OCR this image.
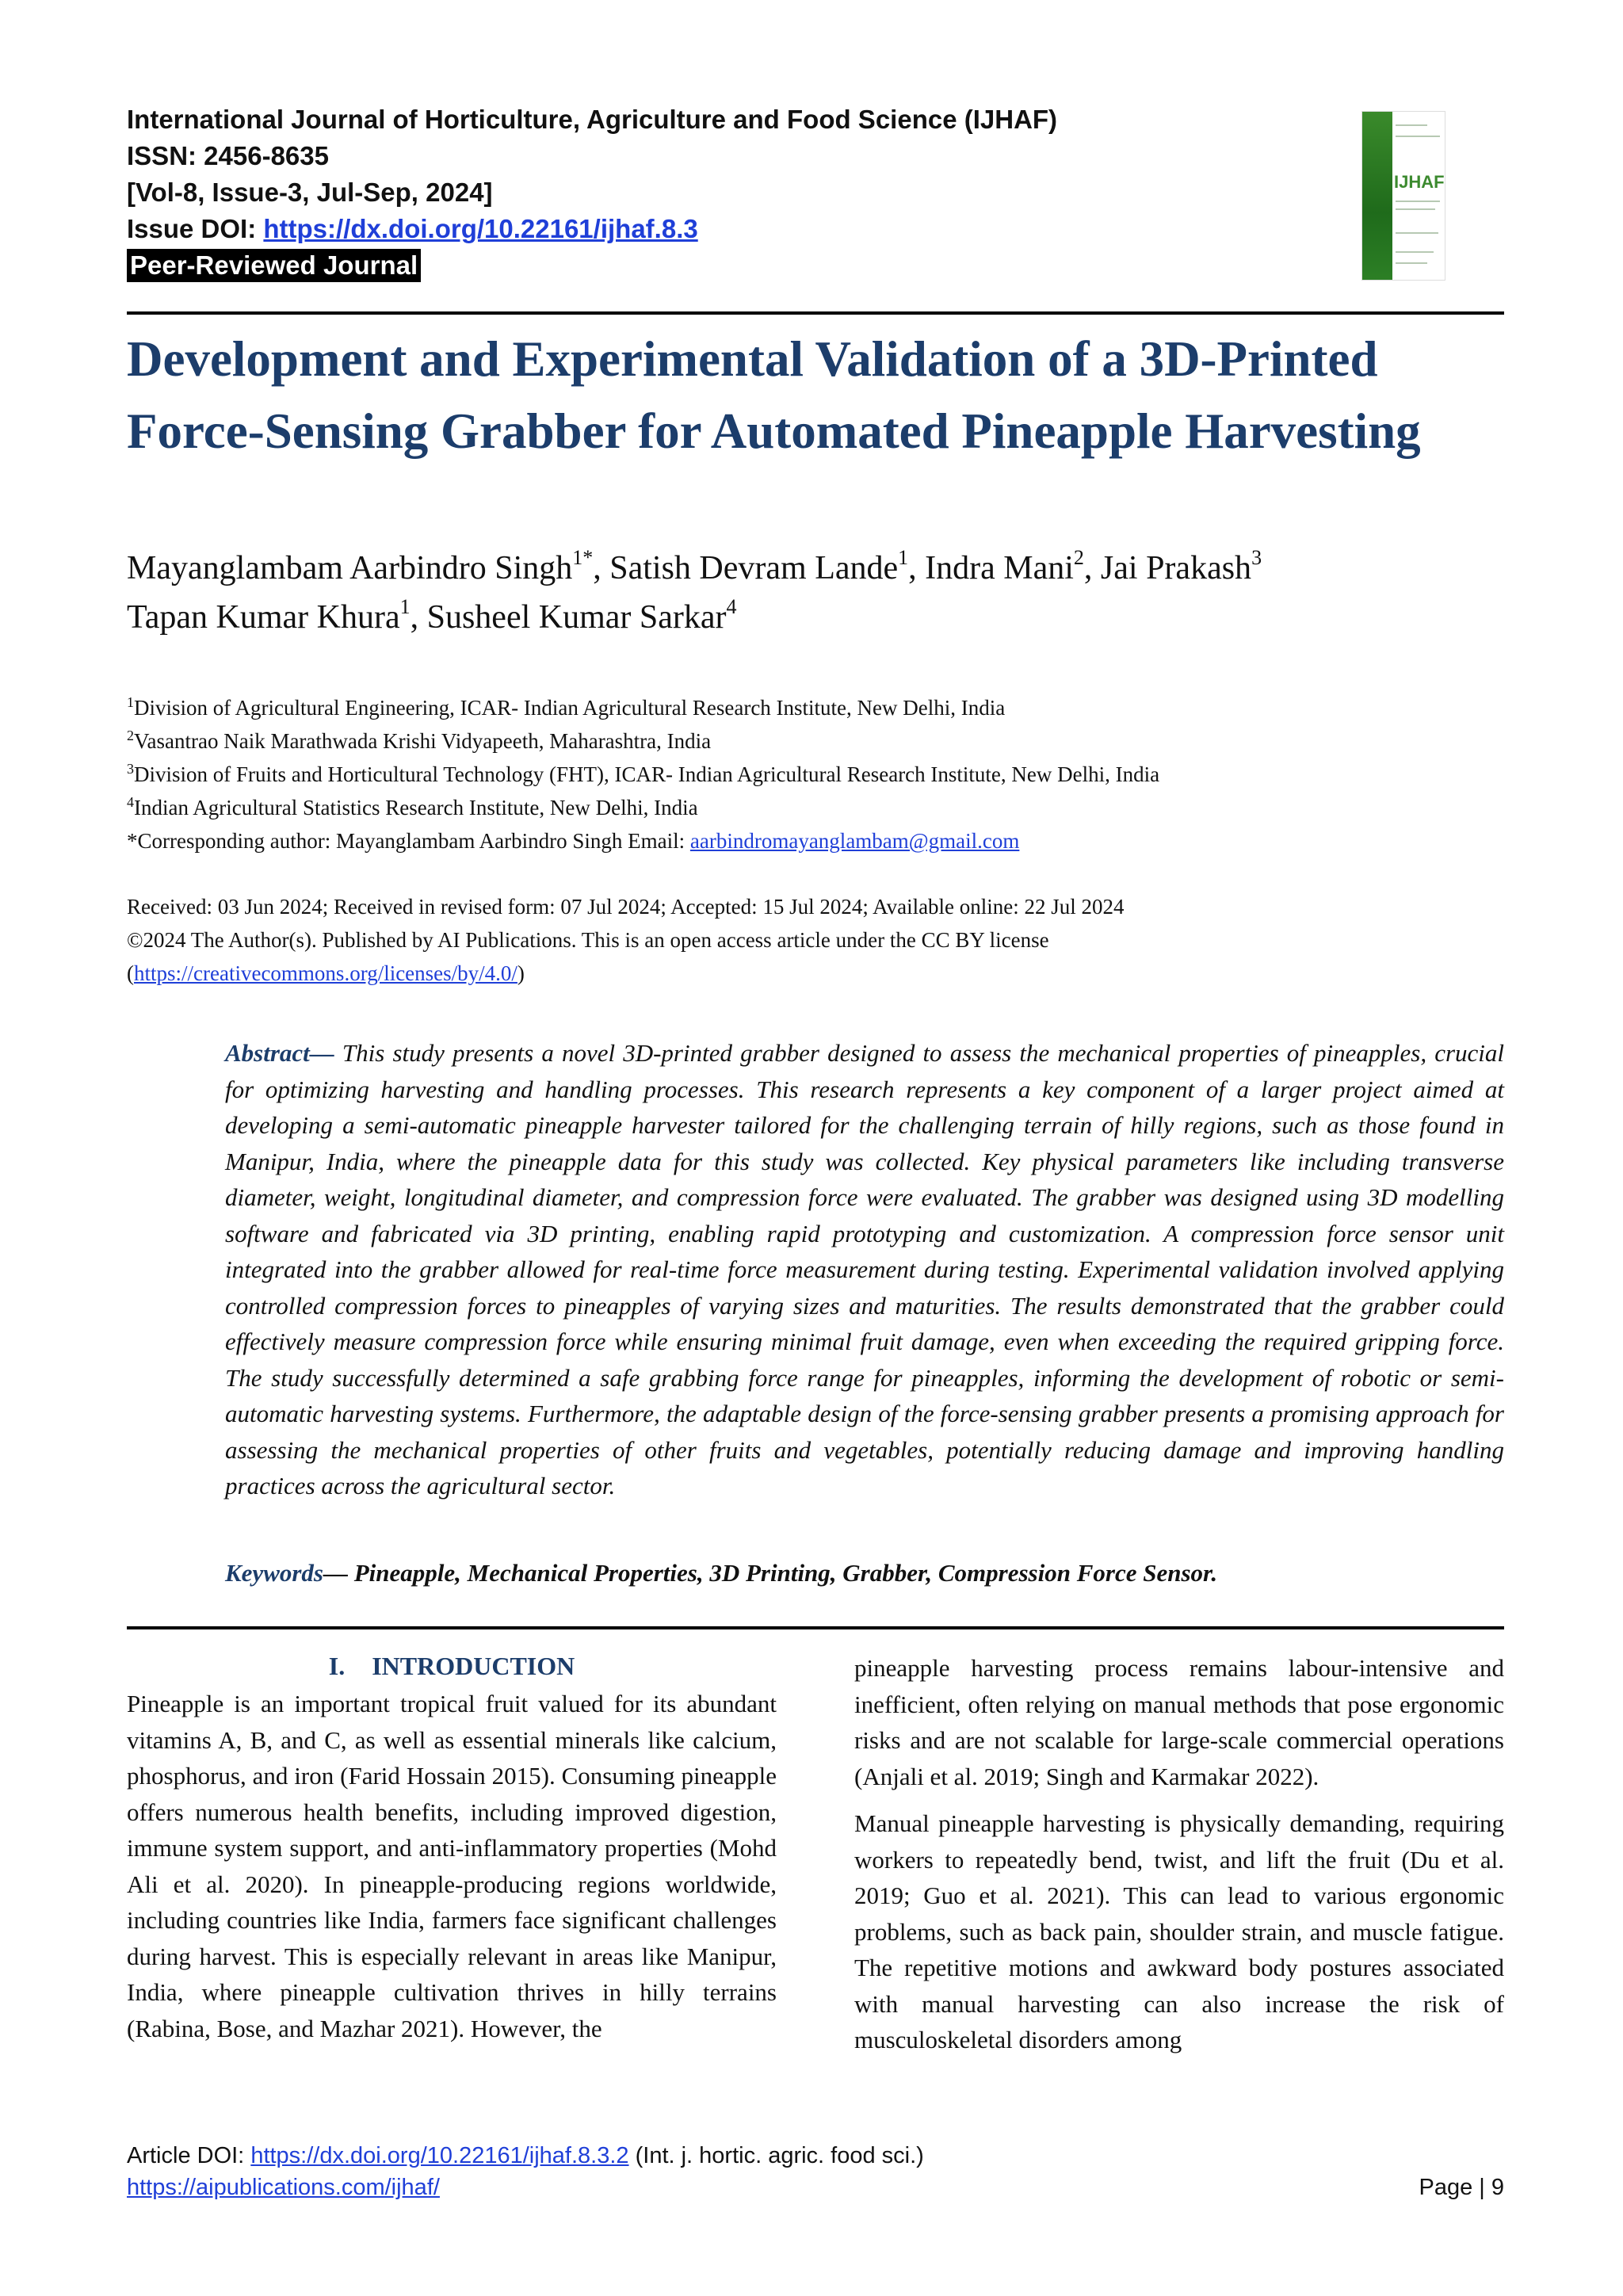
International Journal of Horticulture, Agriculture and Food Science (IJHAF)
ISSN: 2456-8635
[Vol-8, Issue-3, Jul-Sep, 2024]
Issue DOI: https://dx.doi.org/10.22161/ijhaf.8.3
Peer-Reviewed Journal
IJHAF
Development and Experimental Validation of a 3D-Printed Force-Sensing Grabber for Automated Pineapple Harvesting
Mayanglambam Aarbindro Singh$^{1*}$, Satish Devram Lande$^1$, Indra Mani$^2$, Jai Prakash$^3$
Tapan Kumar Khura$^1$, Susheel Kumar Sarkar$^4$
$^1$Division of Agricultural Engineering, ICAR- Indian Agricultural Research Institute, New Delhi, India
$^2$Vasantrao Naik Marathwada Krishi Vidyapeeth, Maharashtra, India
$^3$Division of Fruits and Horticultural Technology (FHT), ICAR- Indian Agricultural Research Institute, New Delhi, India
$^4$Indian Agricultural Statistics Research Institute, New Delhi, India
*Corresponding author: Mayanglambam Aarbindro Singh Email: aarbindromayanglambam@gmail.com
Received: 03 Jun 2024; Received in revised form: 07 Jul 2024; Accepted: 15 Jul 2024; Available online: 22 Jul 2024
©2024 The Author(s). Published by AI Publications. This is an open access article under the CC BY license
(https://creativecommons.org/licenses/by/4.0/)
Abstract— This study presents a novel 3D-printed grabber designed to assess the mechanical properties of pineapples, crucial for optimizing harvesting and handling processes. This research represents a key component of a larger project aimed at developing a semi-automatic pineapple harvester tailored for the challenging terrain of hilly regions, such as those found in Manipur, India, where the pineapple data for this study was collected. Key physical parameters like including transverse diameter, weight, longitudinal diameter, and compression force were evaluated. The grabber was designed using 3D modelling software and fabricated via 3D printing, enabling rapid prototyping and customization. A compression force sensor unit integrated into the grabber allowed for real-time force measurement during testing. Experimental validation involved applying controlled compression forces to pineapples of varying sizes and maturities. The results demonstrated that the grabber could effectively measure compression force while ensuring minimal fruit damage, even when exceeding the required gripping force. The study successfully determined a safe grabbing force range for pineapples, informing the development of robotic or semi-automatic harvesting systems. Furthermore, the adaptable design of the force-sensing grabber presents a promising approach for assessing the mechanical properties of other fruits and vegetables, potentially reducing damage and improving handling practices across the agricultural sector.
Keywords— Pineapple, Mechanical Properties, 3D Printing, Grabber, Compression Force Sensor.
I. INTRODUCTION

Pineapple is an important tropical fruit valued for its abundant vitamins A, B, and C, as well as essential minerals like calcium, phosphorus, and iron (Farid Hossain 2015). Consuming pineapple offers numerous health benefits, including improved digestion, immune system support, and anti-inflammatory properties (Mohd Ali et al. 2020). In pineapple-producing regions worldwide, including countries like India, farmers face significant challenges during harvest. This is especially relevant in areas like Manipur, India, where pineapple cultivation thrives in hilly terrains (Rabina, Bose, and Mazhar 2021). However, the

pineapple harvesting process remains labour-intensive and inefficient, often relying on manual methods that pose ergonomic risks and are not scalable for large-scale commercial operations (Anjali et al. 2019; Singh and Karmakar 2022).

Manual pineapple harvesting is physically demanding, requiring workers to repeatedly bend, twist, and lift the fruit (Du et al. 2019; Guo et al. 2021). This can lead to various ergonomic problems, such as back pain, shoulder strain, and muscle fatigue. The repetitive motions and awkward body postures associated with manual harvesting can also increase the risk of musculoskeletal disorders among

Article DOI: https://dx.doi.org/10.22161/ijhaf.8.3.2 (Int. j. hortic. agric. food sci.)
https://aipublications.com/ijhaf/	Page | 9
